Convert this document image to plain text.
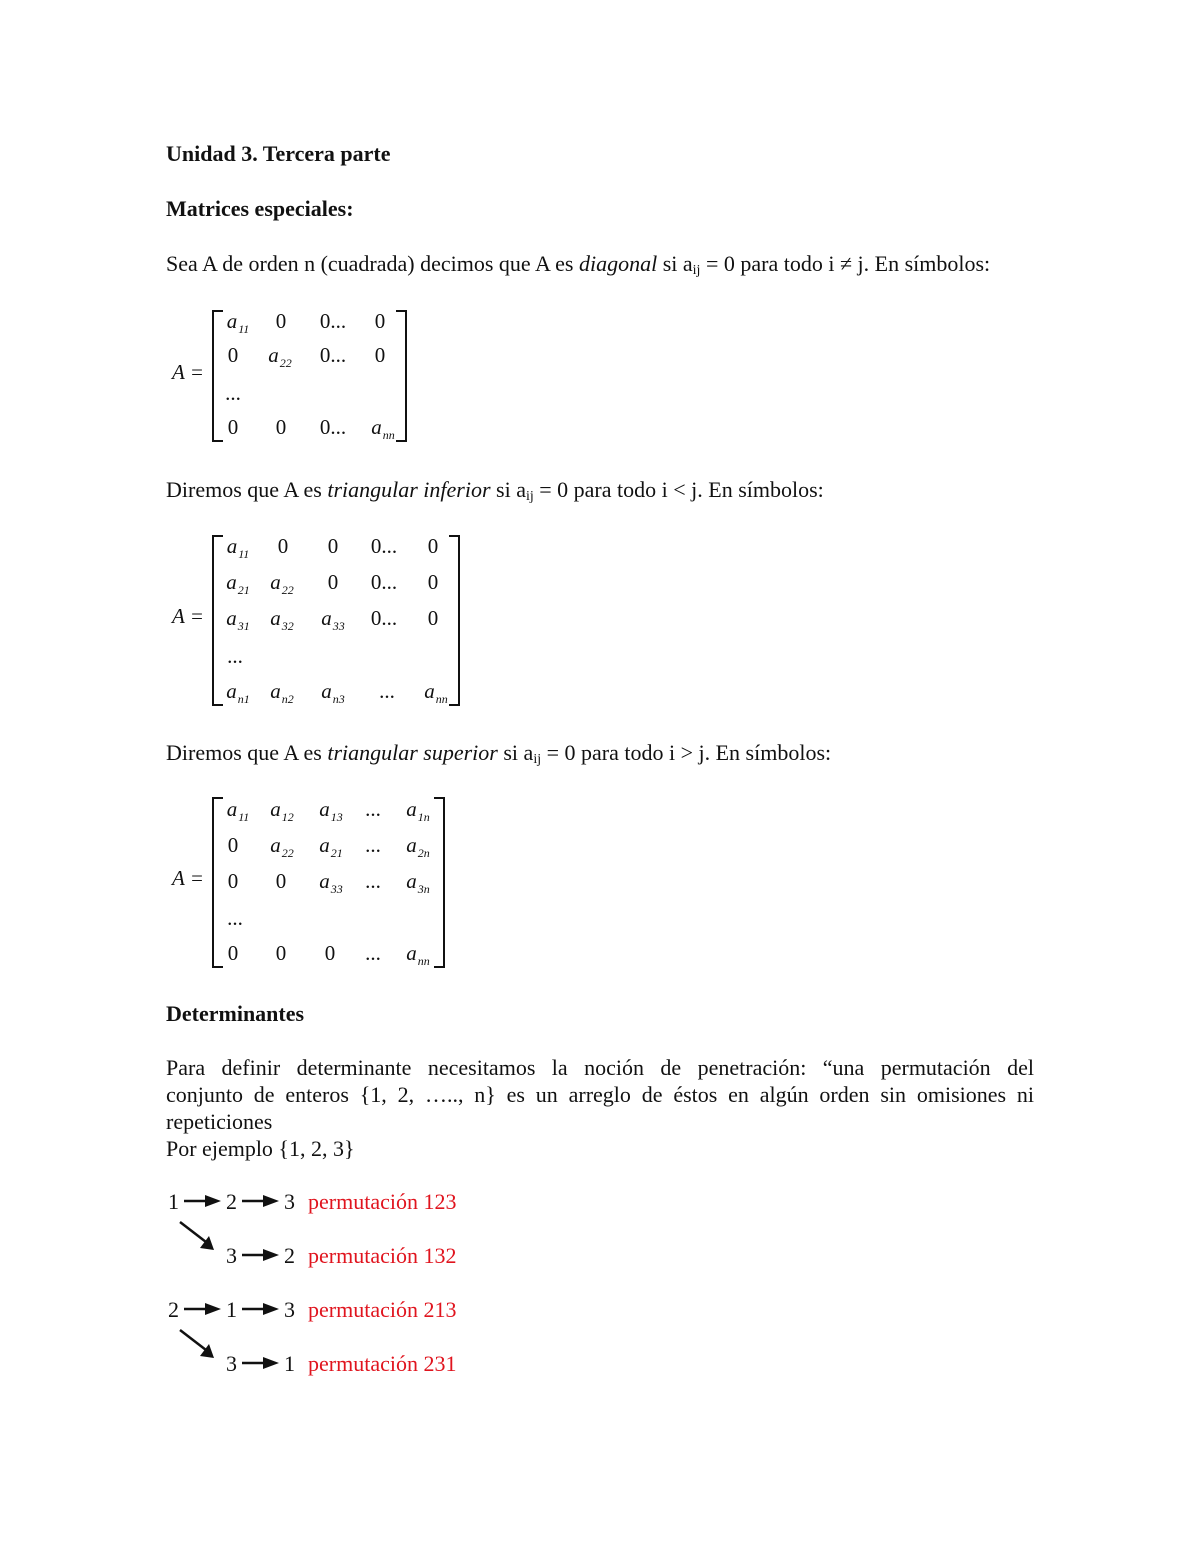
Unidad 3. Tercera parte
Matrices especiales:
Sea A de orden n (cuadrada) decimos que A es diagonal si aij = 0 para todo i ≠ j. En símbolos:
A =
$a_{11}$ 0 0... 0
0 $a_{22}$ 0... 0
...
0 0 0... $a_{nn}$
Diremos que A es triangular inferior si aij = 0 para todo i < j. En símbolos:
A =
$a_{11}$ 0 0 0... 0
$a_{21}$ $a_{22}$ 0 0... 0
$a_{31}$ $a_{32}$ $a_{33}$ 0... 0
...
$a_{n1}$ $a_{n2}$ $a_{n3}$ ... $a_{nn}$
Diremos que A es triangular superior si aij = 0 para todo i > j. En símbolos:
A =
$a_{11}$ $a_{12}$ $a_{13}$ ... $a_{1n}$
0 $a_{22}$ $a_{21}$ ... $a_{2n}$
0 0 $a_{33}$ ... $a_{3n}$
...
0 0 0 ... $a_{nn}$
Determinantes
Para definir determinante necesitamos la noción de penetración: “una permutación del
conjunto de enteros {1, 2, ….., n} es un arreglo de éstos en algún orden sin omisiones ni
repeticiones
Por ejemplo {1, 2, 3}
1 2 3 permutación 123
3 2 permutación 132
2 1 3 permutación 213
3 1 permutación 231
